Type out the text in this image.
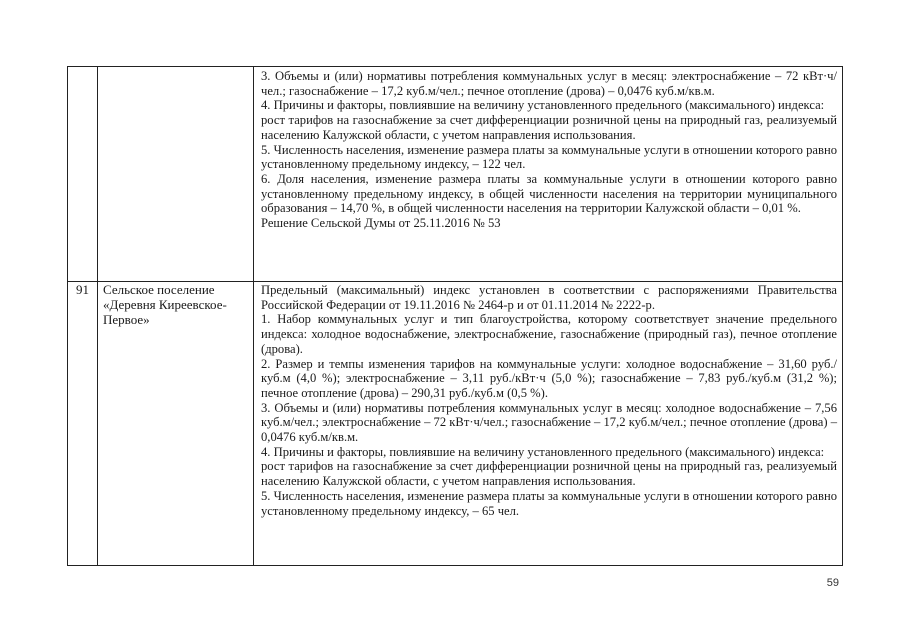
3. Объемы и (или) нормативы потребления коммунальных услуг в месяц: электроснабжение – 72 кВт·ч/чел.; газоснабжение – 17,2 куб.м/чел.; печное отопление (дрова) – 0,0476 куб.м/кв.м.

4. Причины и факторы, повлиявшие на величину установленного предельного (максимального) индекса:

рост тарифов на газоснабжение за счет дифференциации розничной цены на природный газ, реализуемый населению Калужской области, с учетом направления использования.

5. Численность населения, изменение размера платы за коммунальные услуги в отношении которого равно установленному предельному индексу, – 122 чел.

6. Доля населения, изменение размера платы за коммунальные услуги в отношении которого равно установленному предельному индексу, в общей численности населения на территории муниципального образования – 14,70 %, в общей численности населения на территории Калужской области – 0,01 %.

Решение Сельской Думы от 25.11.2016 № 53

91	Сельское поселение «Деревня Киреевское-Первое»

Предельный (максимальный) индекс установлен в соответствии с распоряжениями Правительства Российской Федерации от 19.11.2016 № 2464-р и от 01.11.2014 № 2222-р.

1. Набор коммунальных услуг и тип благоустройства, которому соответствует значение предельного индекса: холодное водоснабжение, электроснабжение, газоснабжение (природный газ), печное отопление (дрова).

2. Размер и темпы изменения тарифов на коммунальные услуги: холодное водоснабжение – 31,60 руб./куб.м (4,0 %); электроснабжение – 3,11 руб./кВт·ч (5,0 %); газоснабжение – 7,83 руб./куб.м (31,2 %); печное отопление (дрова) – 290,31 руб./куб.м (0,5 %).

3. Объемы и (или) нормативы потребления коммунальных услуг в месяц: холодное водоснабжение – 7,56 куб.м/чел.; электроснабжение – 72 кВт·ч/чел.; газоснабжение – 17,2 куб.м/чел.; печное отопление (дрова) – 0,0476 куб.м/кв.м.

4. Причины и факторы, повлиявшие на величину установленного предельного (максимального) индекса:

рост тарифов на газоснабжение за счет дифференциации розничной цены на природный газ, реализуемый населению Калужской области, с учетом направления использования.

5. Численность населения, изменение размера платы за коммунальные услуги в отношении которого равно установленному предельному индексу, – 65 чел.

59
